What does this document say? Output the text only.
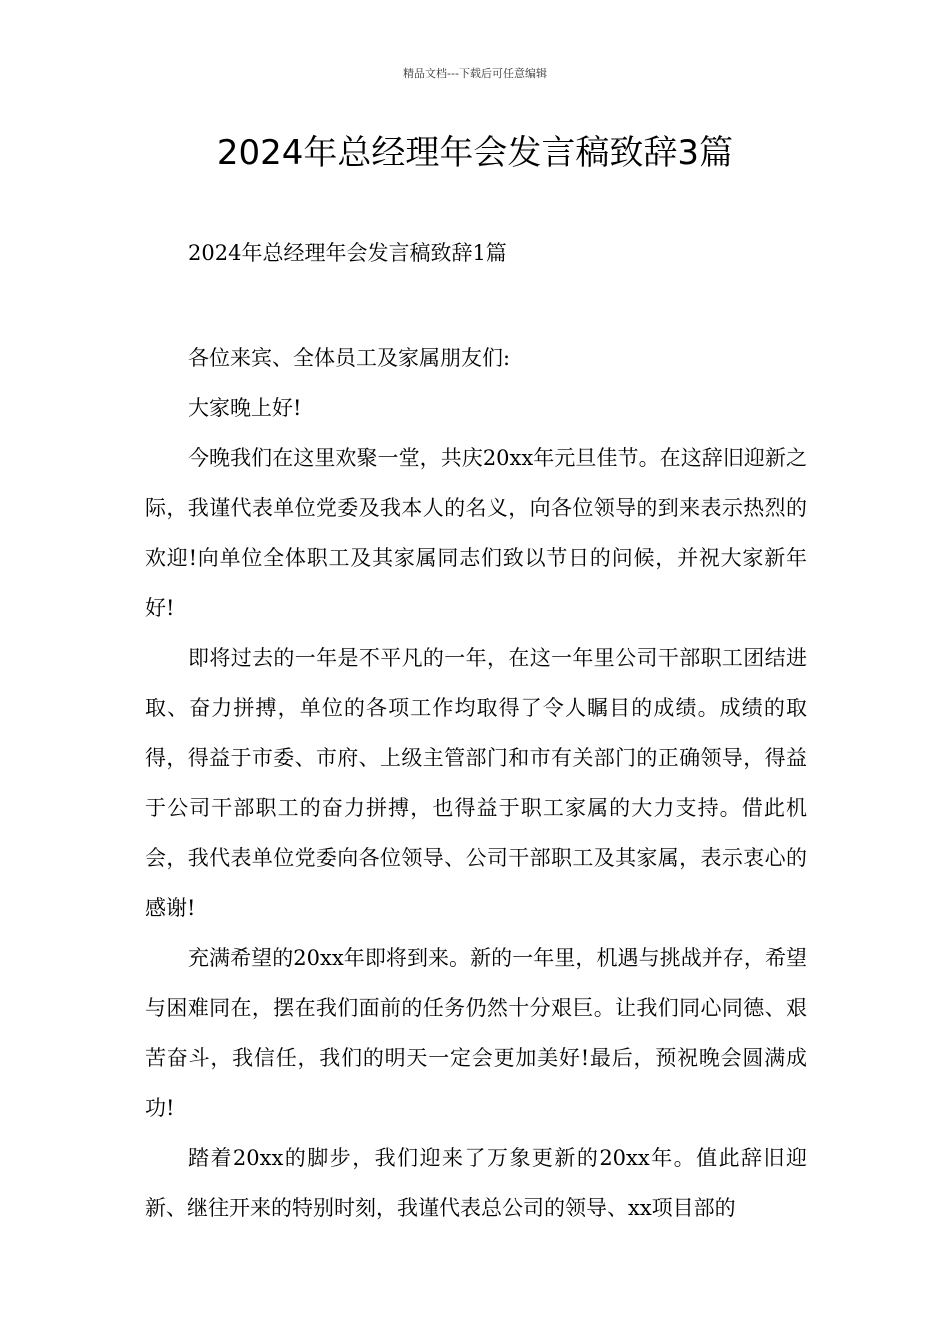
精品文档---下载后可任意编辑
2024年总经理年会发言稿致辞3篇
2024年总经理年会发言稿致辞1篇

各位来宾、全体员工及家属朋友们:

大家晚上好!

今晚我们在这里欢聚一堂，共庆20xx年元旦佳节。在这辞旧迎新之际，我谨代表单位党委及我本人的名义，向各位领导的到来表示热烈的欢迎!向单位全体职工及其家属同志们致以节日的问候，并祝大家新年好!

即将过去的一年是不平凡的一年，在这一年里公司干部职工团结进取、奋力拼搏，单位的各项工作均取得了令人瞩目的成绩。成绩的取得，得益于市委、市府、上级主管部门和市有关部门的正确领导，得益于公司干部职工的奋力拼搏，也得益于职工家属的大力支持。借此机会，我代表单位党委向各位领导、公司干部职工及其家属，表示衷心的感谢!

充满希望的20xx年即将到来。新的一年里，机遇与挑战并存，希望与困难同在，摆在我们面前的任务仍然十分艰巨。让我们同心同德、艰苦奋斗，我信任，我们的明天一定会更加美好!最后，预祝晚会圆满成功!

踏着20xx的脚步，我们迎来了万象更新的20xx年。值此辞旧迎新、继往开来的特别时刻，我谨代表总公司的领导、xx项目部的
